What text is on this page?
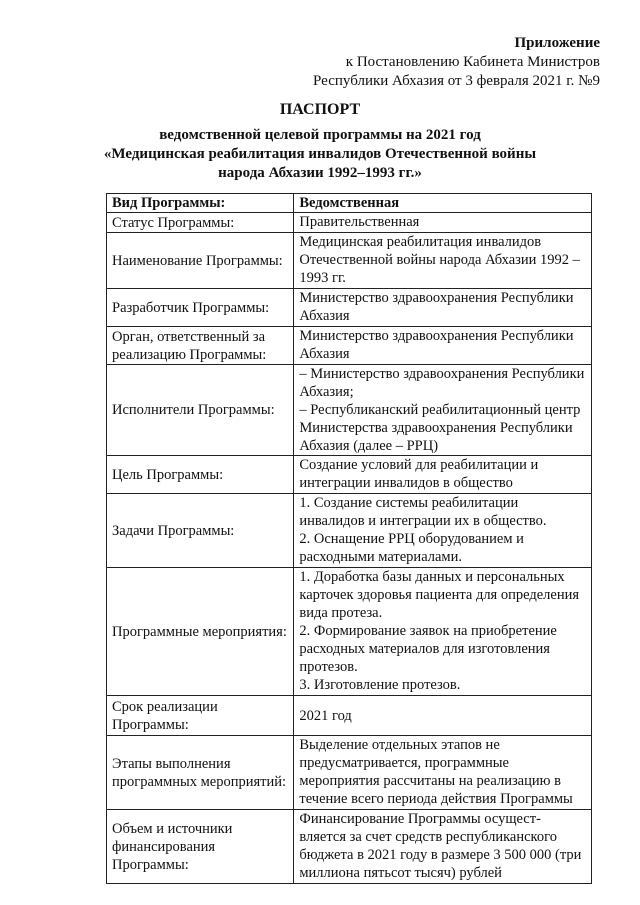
Приложение
к Постановлению Кабинета Министров
Республики Абхазия от 3 февраля 2021 г. №9
ПАСПОРТ
ведомственной целевой программы на 2021 год
«Медицинская реабилитация инвалидов Отечественной войны
народа Абхазии 1992–1993 гг.»
Вид Программы:	Ведомственная
Статус Программы:	Правительственная

Наименование Программы:	Медицинская реабилитация инвалидов Отечественной войны народа Абхазии 1992 – 1993 гг.

Разработчик Программы:	Министерство здравоохранения Республики Абхазия

Орган, ответственный за реализацию Программы:	Министерство здравоохранения Республики Абхазия

Исполнители Программы:	– Министерство здравоохранения Республики Абхазия;
– Республиканский реабилитационный центр Министерства здравоохранения Республики Абхазия (далее – РРЦ)

Цель Программы:	Создание условий для реабилитации и интеграции инвалидов в общество

Задачи Программы:	1. Создание системы реабилитации инвалидов и интеграции их в общество.
2. Оснащение РРЦ оборудованием и расходными материалами.

Программные мероприятия:	1. Доработка базы данных и персональных карточек здоровья пациента для определения вида протеза.
2. Формирование заявок на приобретение расходных материалов для изготовления протезов.
3. Изготовление протезов.

Срок реализации Программы:	2021 год

Этапы выполнения программных мероприятий:	Выделение отдельных этапов не предусматривается, программные мероприятия рассчитаны на реализацию в течение всего периода действия Программы

Объем и источники финансирования Программы:	Финансирование Программы осущест-вляется за счет средств республиканского бюджета в 2021 году в размере 3 500 000 (три миллиона пятьсот тысяч) рублей
